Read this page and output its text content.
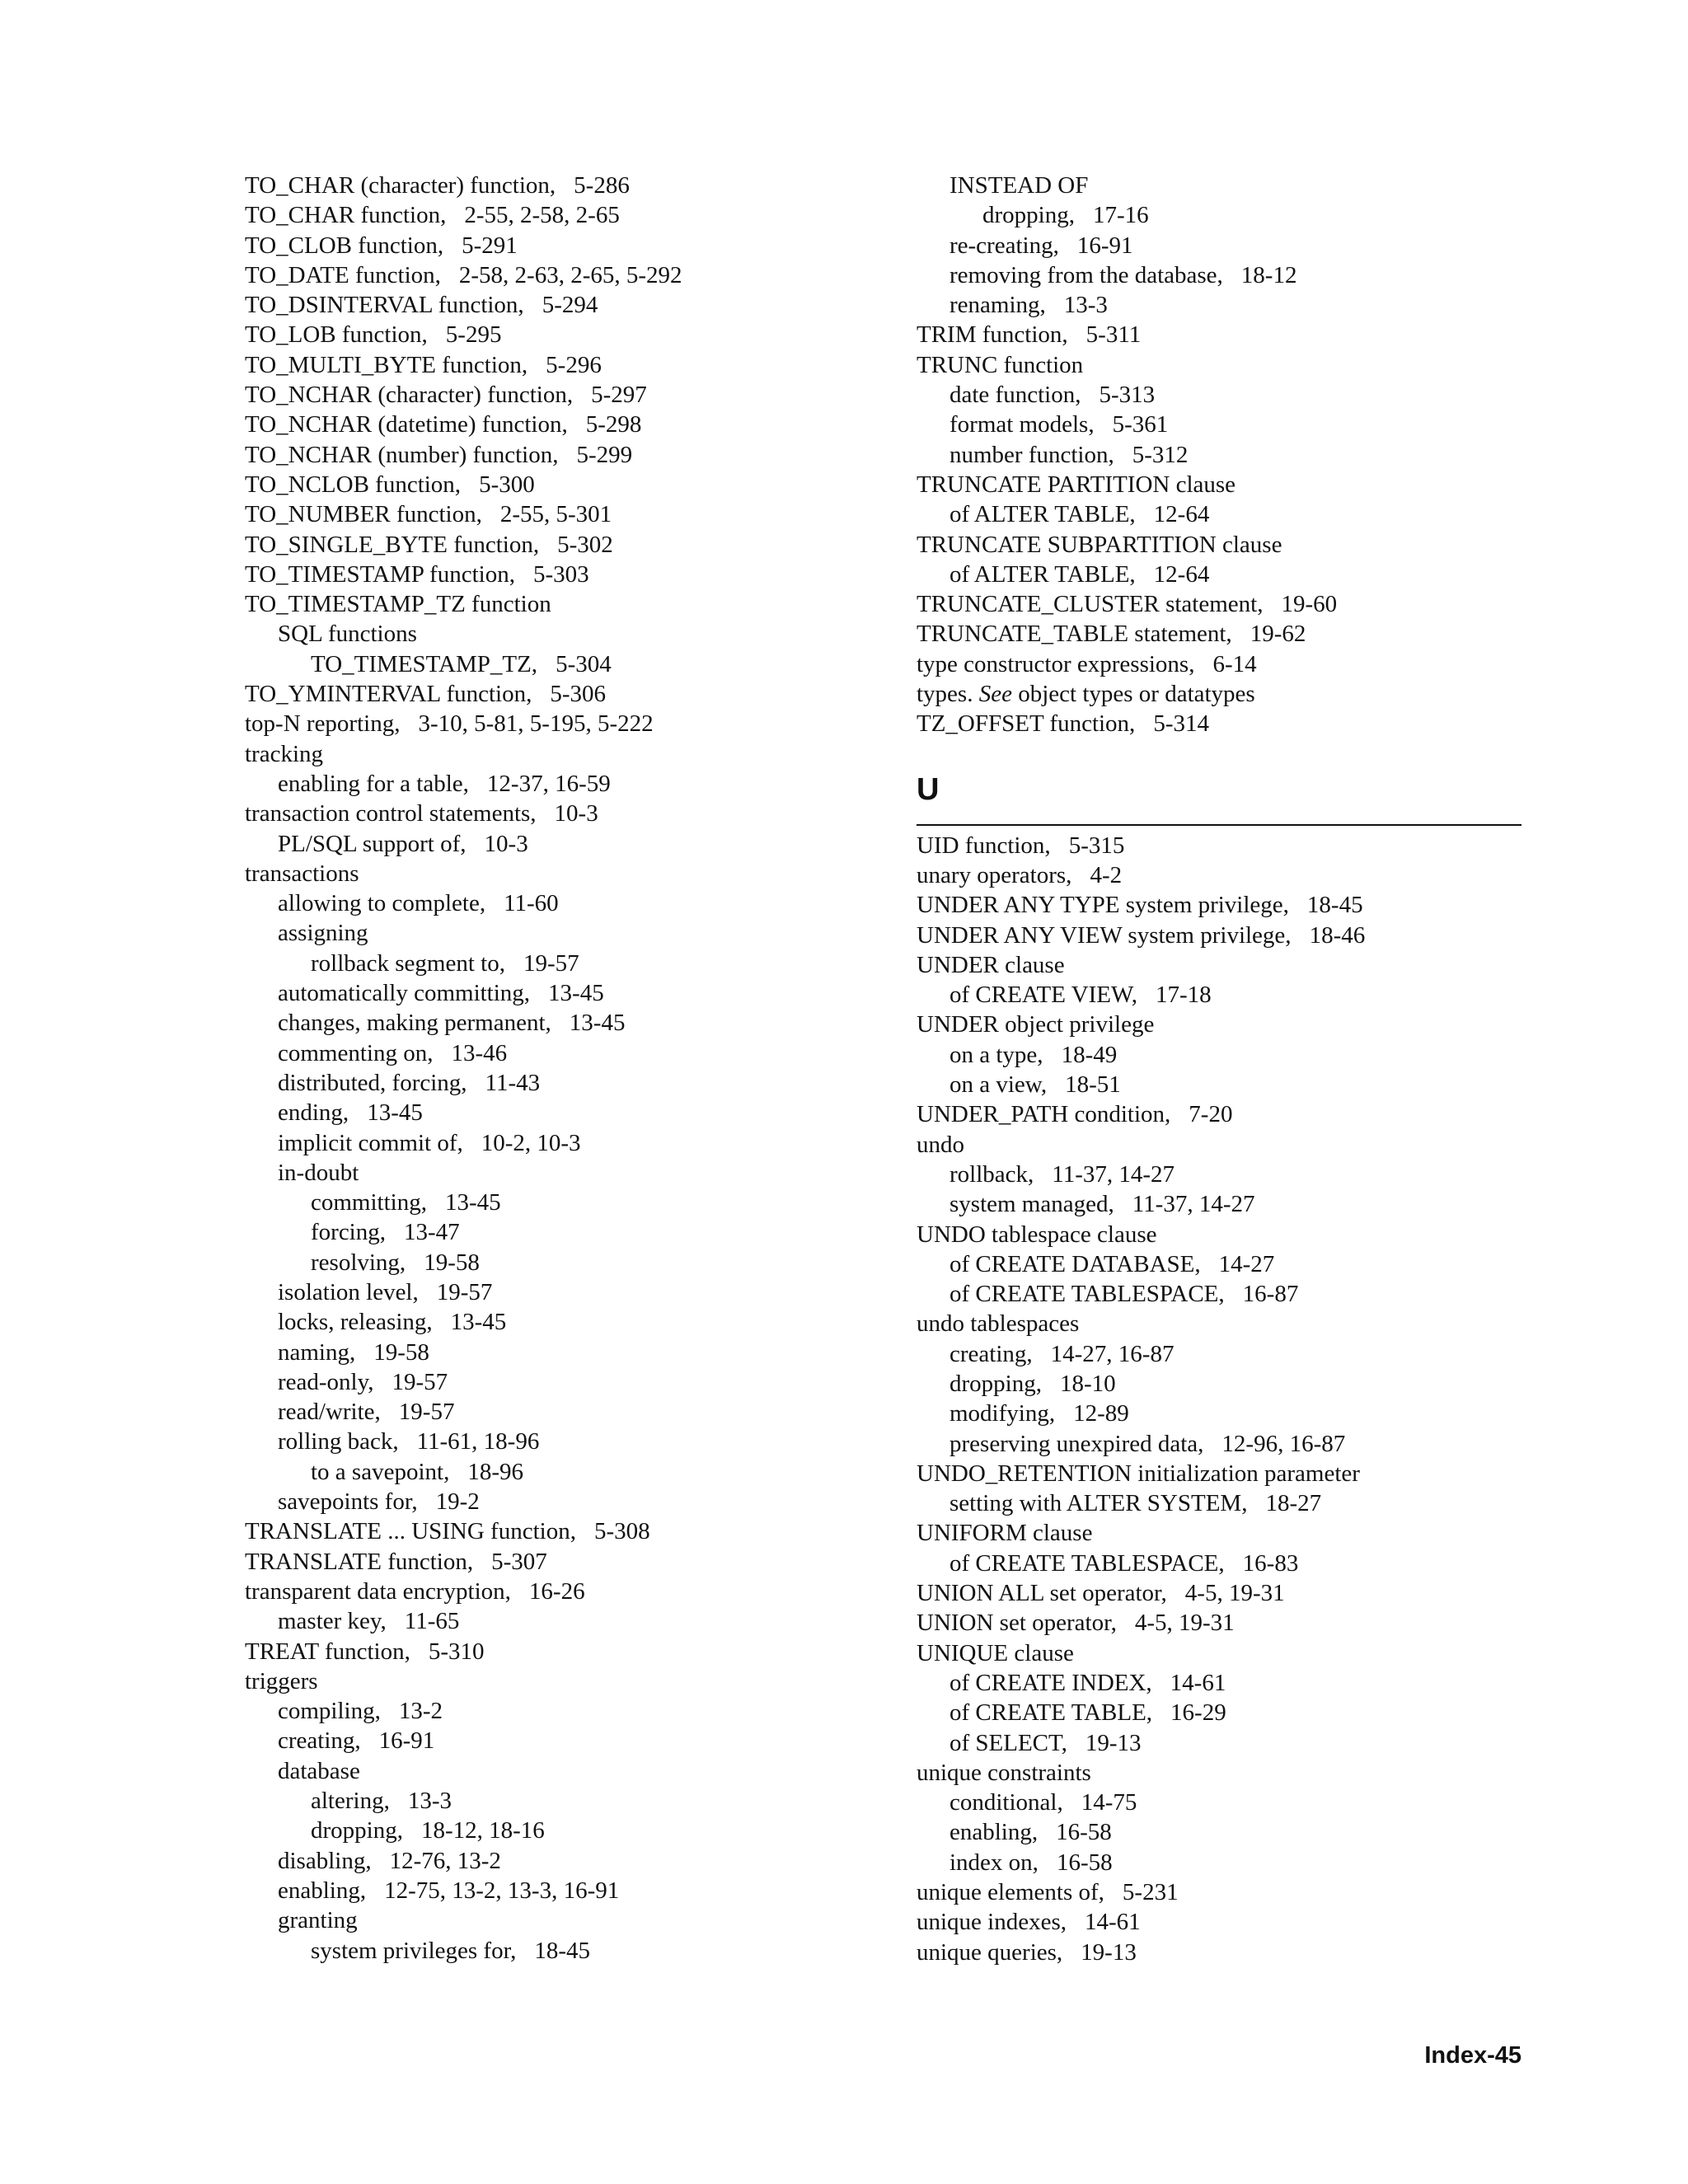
TO_CHAR (character) function, 5-286
TO_CHAR function, 2-55, 2-58, 2-65
TO_CLOB function, 5-291
TO_DATE function, 2-58, 2-63, 2-65, 5-292
TO_DSINTERVAL function, 5-294
TO_LOB function, 5-295
TO_MULTI_BYTE function, 5-296
TO_NCHAR (character) function, 5-297
TO_NCHAR (datetime) function, 5-298
TO_NCHAR (number) function, 5-299
TO_NCLOB function, 5-300
TO_NUMBER function, 2-55, 5-301
TO_SINGLE_BYTE function, 5-302
TO_TIMESTAMP function, 5-303
TO_TIMESTAMP_TZ function
SQL functions
TO_TIMESTAMP_TZ, 5-304
TO_YMINTERVAL function, 5-306
top-N reporting, 3-10, 5-81, 5-195, 5-222
tracking
enabling for a table, 12-37, 16-59
transaction control statements, 10-3
PL/SQL support of, 10-3
transactions
allowing to complete, 11-60
assigning
rollback segment to, 19-57
automatically committing, 13-45
changes, making permanent, 13-45
commenting on, 13-46
distributed, forcing, 11-43
ending, 13-45
implicit commit of, 10-2, 10-3
in-doubt
committing, 13-45
forcing, 13-47
resolving, 19-58
isolation level, 19-57
locks, releasing, 13-45
naming, 19-58
read-only, 19-57
read/write, 19-57
rolling back, 11-61, 18-96
to a savepoint, 18-96
savepoints for, 19-2
TRANSLATE ... USING function, 5-308
TRANSLATE function, 5-307
transparent data encryption, 16-26
master key, 11-65
TREAT function, 5-310
triggers
compiling, 13-2
creating, 16-91
database
altering, 13-3
dropping, 18-12, 18-16
disabling, 12-76, 13-2
enabling, 12-75, 13-2, 13-3, 16-91
granting
system privileges for, 18-45
INSTEAD OF
dropping, 17-16
re-creating, 16-91
removing from the database, 18-12
renaming, 13-3
TRIM function, 5-311
TRUNC function
date function, 5-313
format models, 5-361
number function, 5-312
TRUNCATE PARTITION clause
of ALTER TABLE, 12-64
TRUNCATE SUBPARTITION clause
of ALTER TABLE, 12-64
TRUNCATE_CLUSTER statement, 19-60
TRUNCATE_TABLE statement, 19-62
type constructor expressions, 6-14
types. See object types or datatypes
TZ_OFFSET function, 5-314
U
UID function, 5-315
unary operators, 4-2
UNDER ANY TYPE system privilege, 18-45
UNDER ANY VIEW system privilege, 18-46
UNDER clause
of CREATE VIEW, 17-18
UNDER object privilege
on a type, 18-49
on a view, 18-51
UNDER_PATH condition, 7-20
undo
rollback, 11-37, 14-27
system managed, 11-37, 14-27
UNDO tablespace clause
of CREATE DATABASE, 14-27
of CREATE TABLESPACE, 16-87
undo tablespaces
creating, 14-27, 16-87
dropping, 18-10
modifying, 12-89
preserving unexpired data, 12-96, 16-87
UNDO_RETENTION initialization parameter
setting with ALTER SYSTEM, 18-27
UNIFORM clause
of CREATE TABLESPACE, 16-83
UNION ALL set operator, 4-5, 19-31
UNION set operator, 4-5, 19-31
UNIQUE clause
of CREATE INDEX, 14-61
of CREATE TABLE, 16-29
of SELECT, 19-13
unique constraints
conditional, 14-75
enabling, 16-58
index on, 16-58
unique elements of, 5-231
unique indexes, 14-61
unique queries, 19-13
Index-45
